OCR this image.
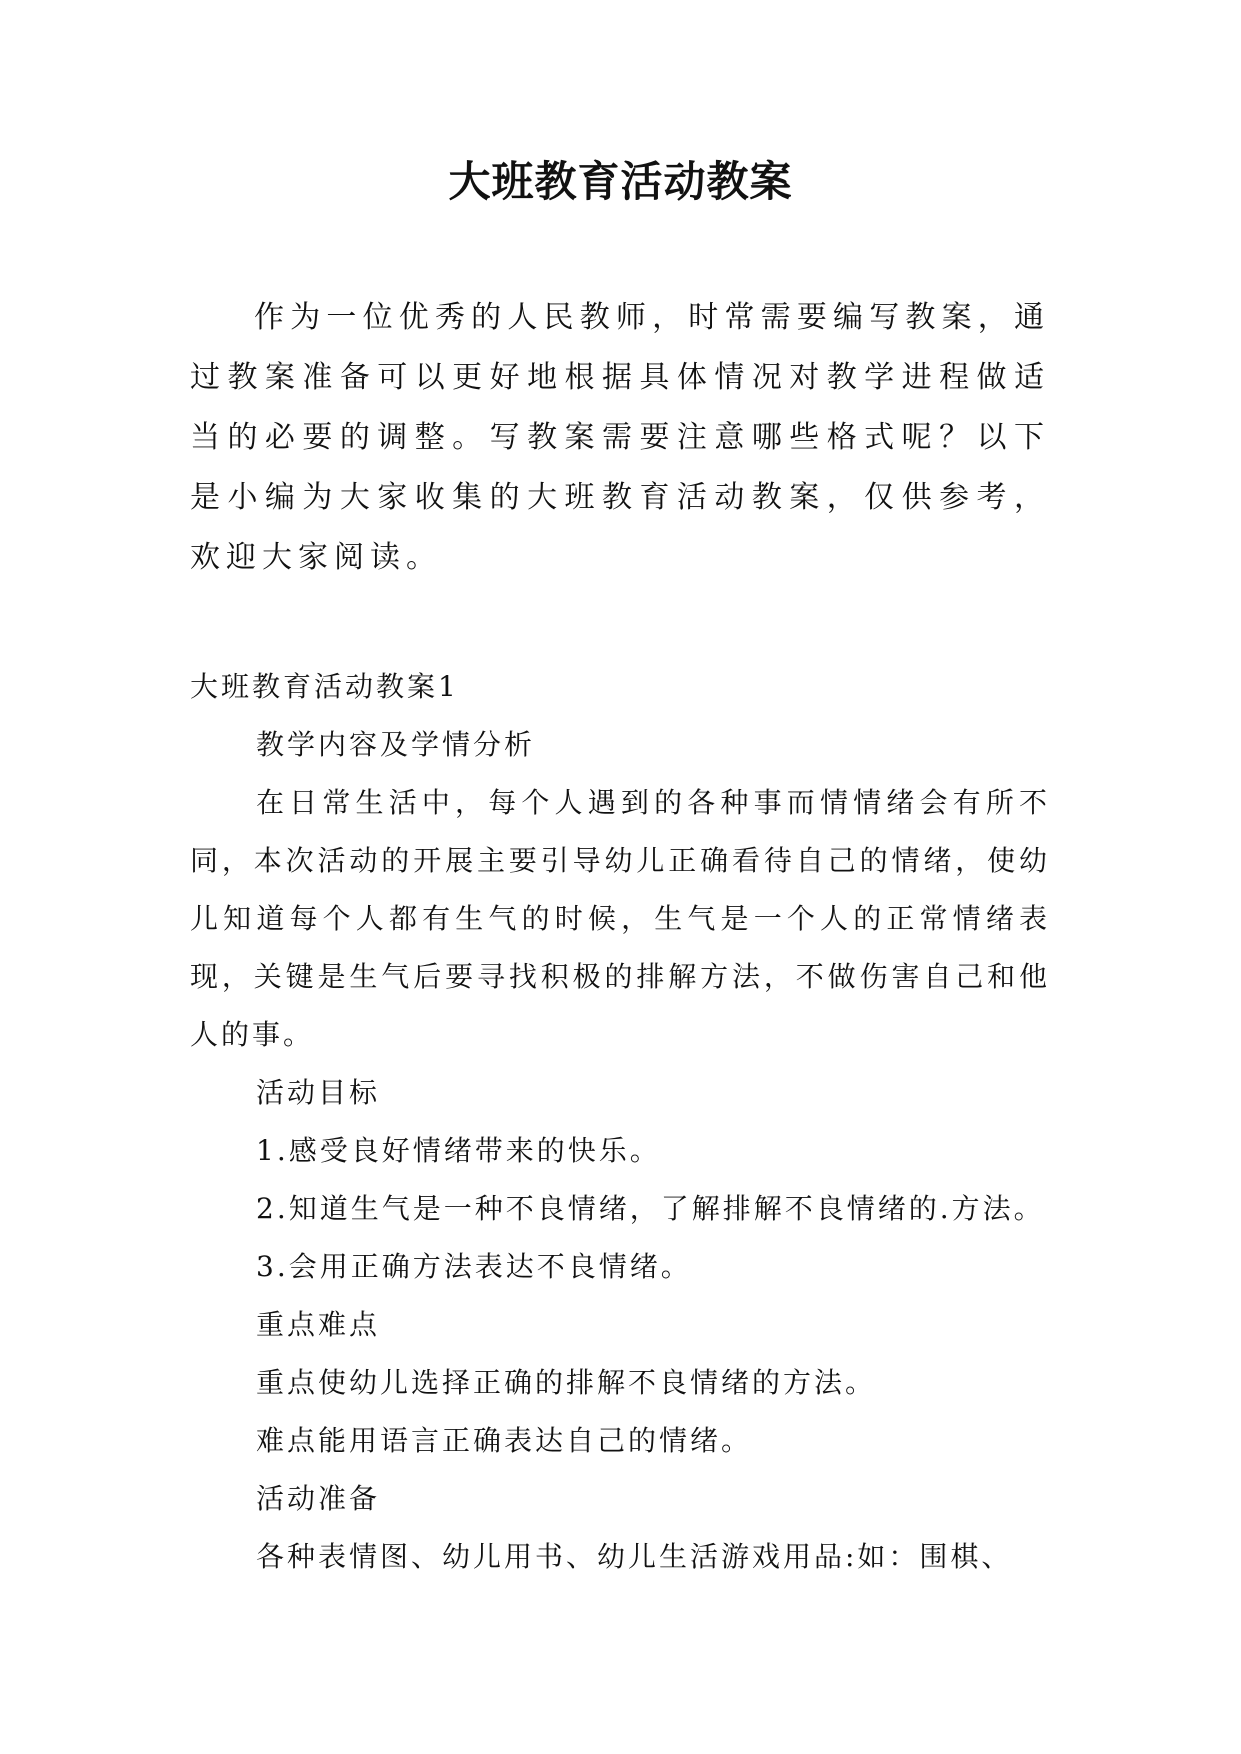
大班教育活动教案

作为一位优秀的人民教师，时常需要编写教案，通过教案准备可以更好地根据具体情况对教学进程做适当的必要的调整。写教案需要注意哪些格式呢？以下是小编为大家收集的大班教育活动教案，仅供参考，欢迎大家阅读。

大班教育活动教案1

教学内容及学情分析

在日常生活中，每个人遇到的各种事而情情绪会有所不同，本次活动的开展主要引导幼儿正确看待自己的情绪，使幼儿知道每个人都有生气的时候，生气是一个人的正常情绪表现，关键是生气后要寻找积极的排解方法，不做伤害自己和他人的事。

活动目标

1.感受良好情绪带来的快乐。

2.知道生气是一种不良情绪，了解排解不良情绪的.方法。

3.会用正确方法表达不良情绪。

重点难点

重点使幼儿选择正确的排解不良情绪的方法。

难点能用语言正确表达自己的情绪。

活动准备

各种表情图、幼儿用书、幼儿生活游戏用品:如：围棋、
